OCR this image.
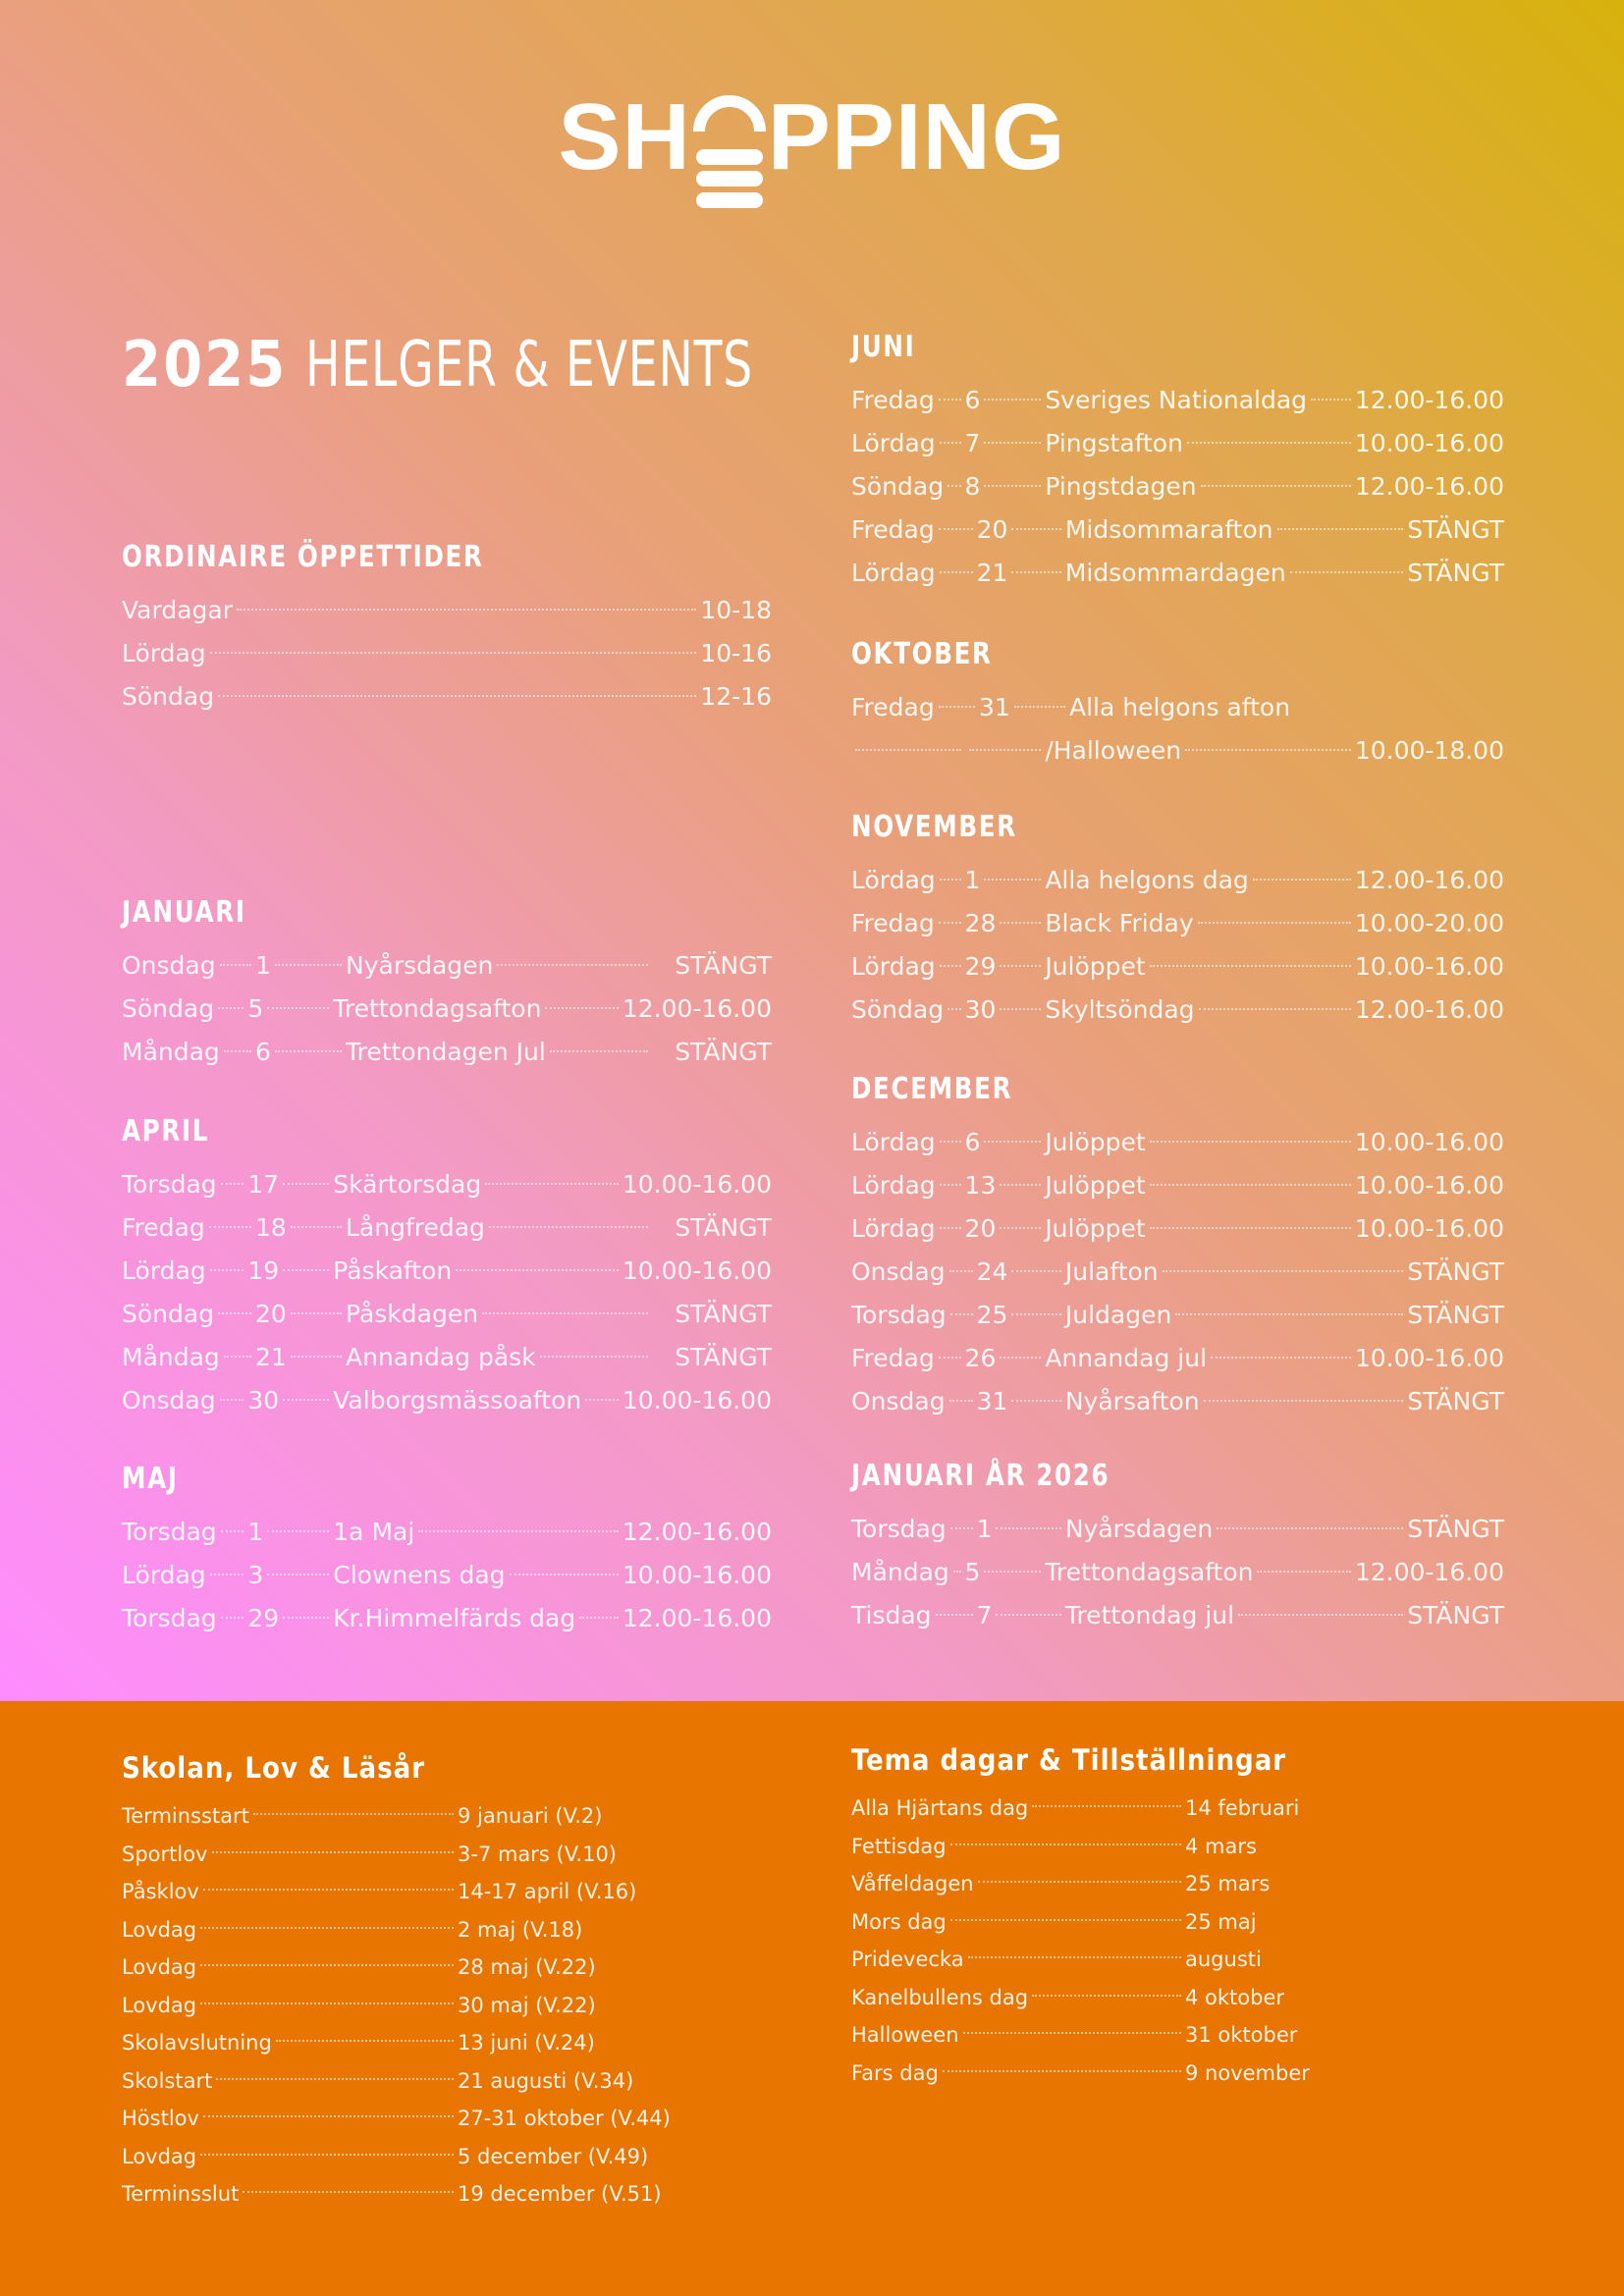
SH PPING
2025 HELGER & EVENTS
ORDINAIRE ÖPPETTIDER
Vardagar	10-18
Lördag	10-16
Söndag	12-16
JANUARI
Onsdag 1	Nyårsdagen	STÄNGT
Söndag 5	Trettondagsafton	12.00-16.00
Måndag 6	Trettondagen Jul	STÄNGT
APRIL
Torsdag 17 Skärtorsdag	10.00-16.00
Fredag 18 Långfredag	STÄNGT
Lördag 19 Påskafton	10.00-16.00
Söndag 20 Påskdagen	STÄNGT
Måndag 21 Annandag påsk	STÄNGT
Onsdag 30 Valborgsmässoafton 10.00-16.00
MAJ
Torsdag 1	1a Maj	12.00-16.00
Lördag 3	Clownens dag	10.00-16.00
Torsdag 29 Kr.Himmelfärds dag 12.00-16.00
JUNI
Fredag 6	Sveriges Nationaldag 12.00-16.00
Lördag 7	Pingstafton	10.00-16.00
Söndag 8	Pingstdagen	12.00-16.00
Fredag 20 Midsommarafton	STÄNGT
Lördag 21 Midsommardagen	STÄNGT
OKTOBER
Fredag 31 Alla helgons afton
/Halloween	10.00-18.00
NOVEMBER
Lördag 1	Alla helgons dag	12.00-16.00
Fredag 28 Black Friday	10.00-20.00
Lördag 29 Julöppet	10.00-16.00
Söndag 30 Skyltsöndag	12.00-16.00
DECEMBER
Lördag 6	Julöppet	10.00-16.00
Lördag 13 Julöppet	10.00-16.00
Lördag 20 Julöppet	10.00-16.00
Onsdag 24 Julafton	STÄNGT
Torsdag 25 Juldagen	STÄNGT
Fredag 26 Annandag jul	10.00-16.00
Onsdag 31 Nyårsafton	STÄNGT
JANUARI ÅR 2026
Torsdag 1	Nyårsdagen	STÄNGT
Måndag 5	Trettondagsafton	12.00-16.00
Tisdag 7	Trettondag jul	STÄNGT
Skolan, Lov & Läsår
Terminsstart	9 januari (V.2)
Sportlov	3-7 mars (V.10)
Påsklov	14-17 april (V.16)
Lovdag	2 maj (V.18)
Lovdag	28 maj (V.22)
Lovdag	30 maj (V.22)
Skolavslutning	13 juni (V.24)
Skolstart	21 augusti (V.34)
Höstlov	27-31 oktober (V.44)
Lovdag	5 december (V.49)
Terminsslut	19 december (V.51)
Tema dagar & Tillställningar
Alla Hjärtans dag	14 februari
Fettisdag	4 mars
Våffeldagen	25 mars
Mors dag	25 maj
Pridevecka	augusti
Kanelbullens dag	4 oktober
Halloween	31 oktober
Fars dag	9 november
